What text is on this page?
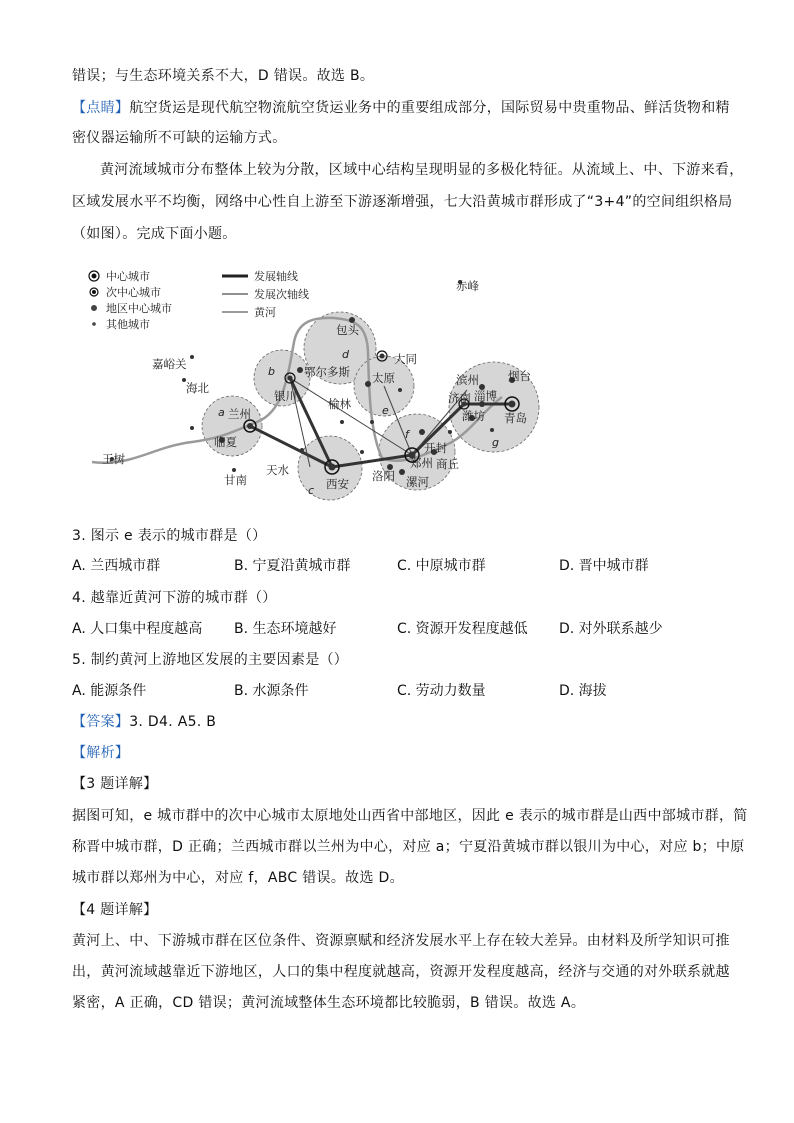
错误；与生态环境关系不大，D 错误。故选 B。
【点睛】航空货运是现代航空物流航空货运业务中的重要组成部分，国际贸易中贵重物品、鲜活货物和精
密仪器运输所不可缺的运输方式。
黄河流域城市分布整体上较为分散，区域中心结构呈现明显的多极化特征。从流域上、中、下游来看，
区域发展水平不均衡，网络中心性自上游至下游逐渐增强，七大沿黄城市群形成了“3+4”的空间组织格局
（如图）。完成下面小题。
中心城市
次中心城市
地区中心城市
其他城市
发展轴线
发展次轴线
黄河
a
b
c
d
e
f
g
赤峰
包头
嘉峪关	大同
鄂尔多斯 太原
海北
银川
榆林
滨州	烟台
济南 淄博
潍坊 青岛
兰州
临夏	开封
郑州 商丘
天水	洛阳 漯河
玉树
甘南	西安
3. 图示 e 表示的城市群是（）
A. 兰西城市群	B. 宁夏沿黄城市群	C. 中原城市群	D. 晋中城市群
4. 越靠近黄河下游的城市群（）
A. 人口集中程度越高 B. 生态环境越好	C. 资源开发程度越低 D. 对外联系越少
5. 制约黄河上游地区发展的主要因素是（）
A. 能源条件	B. 水源条件	C. 劳动力数量	D. 海拔
【答案】3. D4. A5. B
【解析】
【3 题详解】
据图可知，e 城市群中的次中心城市太原地处山西省中部地区，因此 e 表示的城市群是山西中部城市群，简
称晋中城市群，D 正确；兰西城市群以兰州为中心，对应 a；宁夏沿黄城市群以银川为中心，对应 b；中原
城市群以郑州为中心，对应 f，ABC 错误。故选 D。
【4 题详解】
黄河上、中、下游城市群在区位条件、资源禀赋和经济发展水平上存在较大差异。由材料及所学知识可推
出，黄河流域越靠近下游地区，人口的集中程度就越高，资源开发程度越高，经济与交通的对外联系就越
紧密，A 正确，CD 错误；黄河流域整体生态环境都比较脆弱，B 错误。故选 A。
